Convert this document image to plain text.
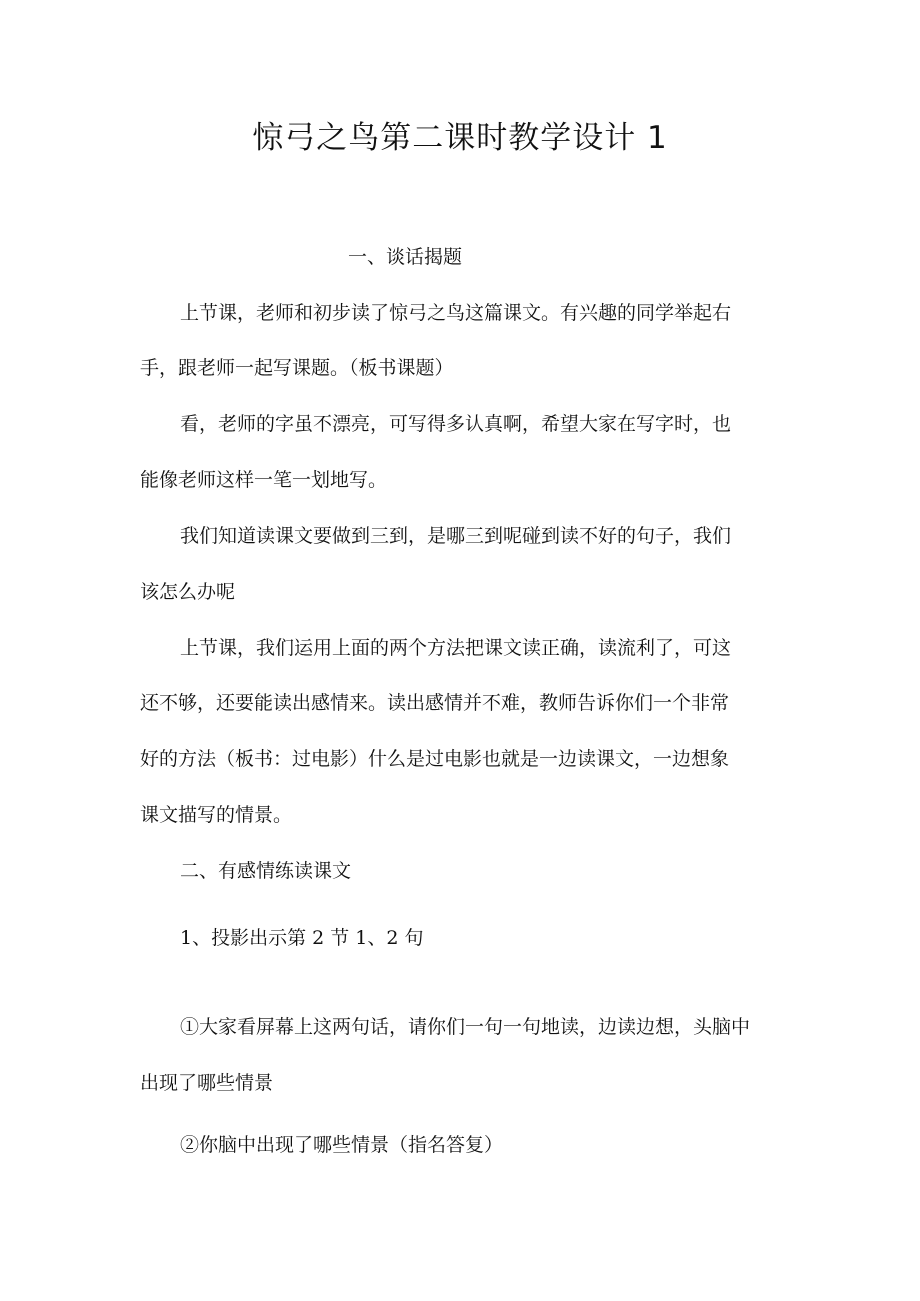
惊弓之鸟第二课时教学设计 1

一、谈话揭题

上节课，老师和初步读了惊弓之鸟这篇课文。有兴趣的同学举起右

手，跟老师一起写课题。（板书课题）

看，老师的字虽不漂亮，可写得多认真啊，希望大家在写字时，也

能像老师这样一笔一划地写。

我们知道读课文要做到三到，是哪三到呢碰到读不好的句子，我们

该怎么办呢

上节课，我们运用上面的两个方法把课文读正确，读流利了，可这

还不够，还要能读出感情来。读出感情并不难，教师告诉你们一个非常

好的方法（板书：过电影）什么是过电影也就是一边读课文，一边想象

课文描写的情景。

二、有感情练读课文

1、投影出示第 2 节 1、2 句

①大家看屏幕上这两句话，请你们一句一句地读，边读边想，头脑中

出现了哪些情景

②你脑中出现了哪些情景（指名答复）
